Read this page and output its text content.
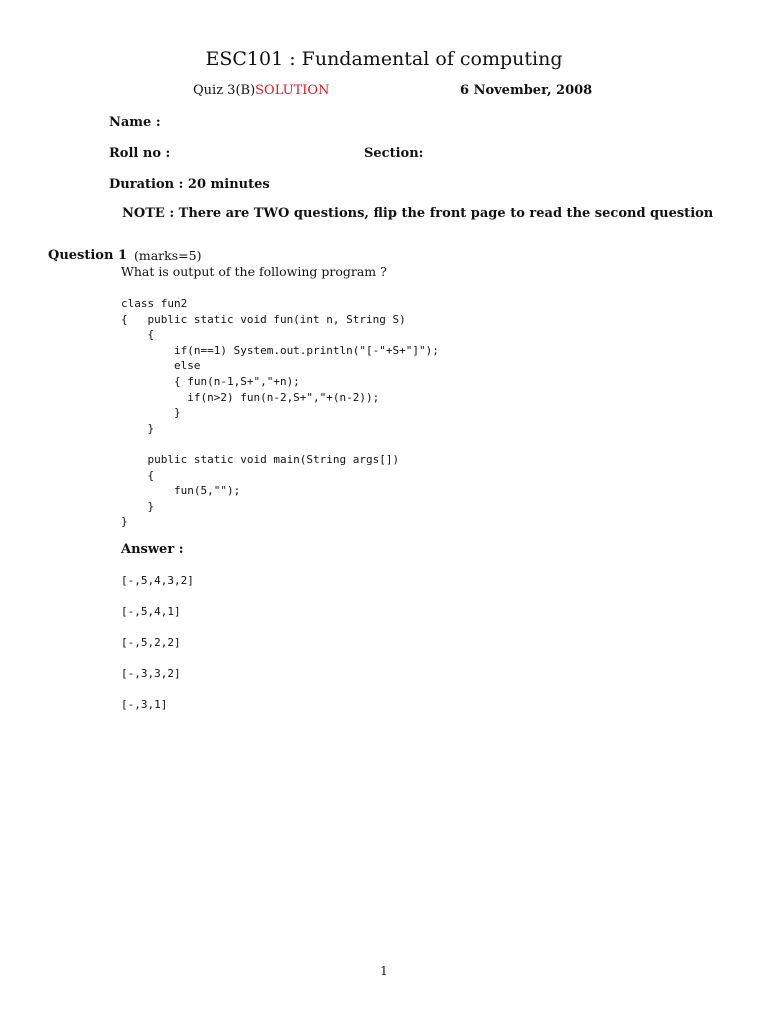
ESC101 : Fundamental of computing
Quiz 3(B)SOLUTION	6 November, 2008
Name :
Roll no :	Section:
Duration : 20 minutes
NOTE : There are TWO questions, flip the front page to read the second question
Question 1 (marks=5)
What is output of the following program ?
class fun2
{   public static void fun(int n, String S)
{
if(n==1) System.out.println("[-"+S+"]");
else
{ fun(n-1,S+","+n);
if(n>2) fun(n-2,S+","+(n-2));
}
}

public static void main(String args[])
{
fun(5,"");
}
}
Answer :
[-,5,4,3,2]
[-,5,4,1]
[-,5,2,2]
[-,3,3,2]
[-,3,1]
1
